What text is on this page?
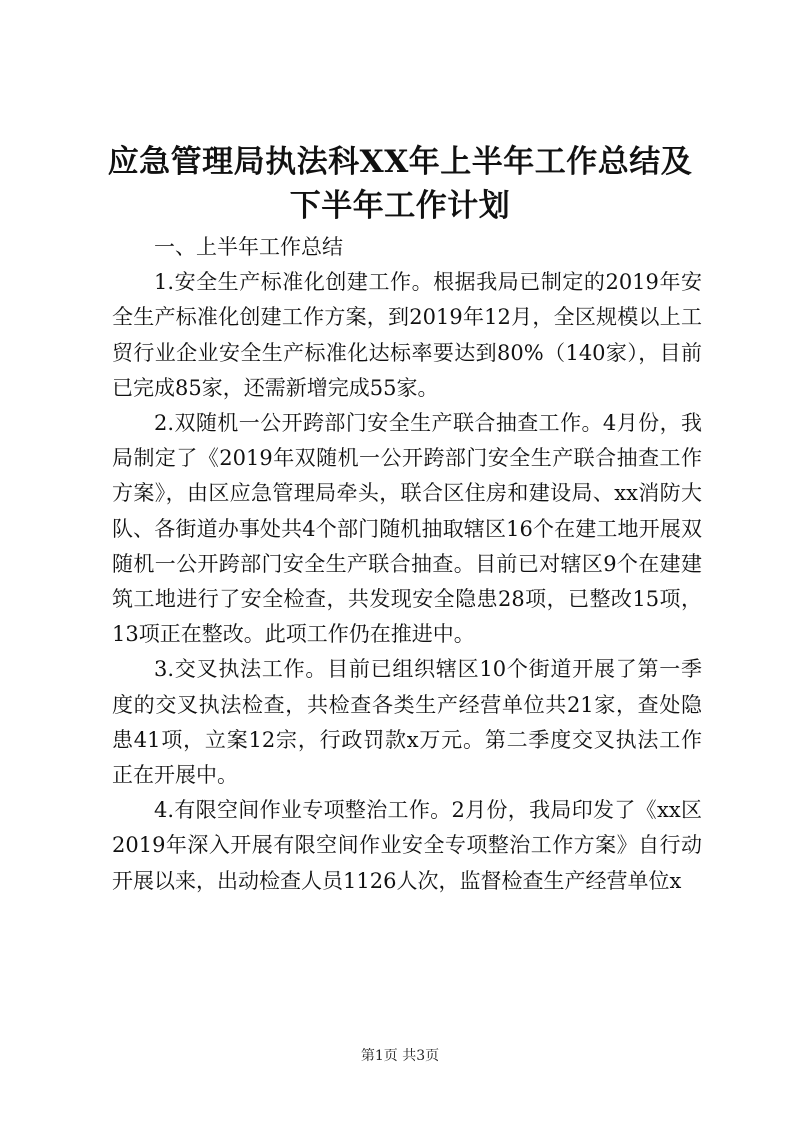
应急管理局执法科XX年上半年工作总结及下半年工作计划

一、上半年工作总结

1.安全生产标准化创建工作。根据我局已制定的2019年安全生产标准化创建工作方案，到2019年12月，全区规模以上工贸行业企业安全生产标准化达标率要达到80%（140家），目前已完成85家，还需新增完成55家。

2.双随机一公开跨部门安全生产联合抽查工作。4月份，我局制定了《2019年双随机一公开跨部门安全生产联合抽查工作方案》，由区应急管理局牵头，联合区住房和建设局、xx消防大队、各街道办事处共4个部门随机抽取辖区16个在建工地开展双随机一公开跨部门安全生产联合抽查。目前已对辖区9个在建建筑工地进行了安全检查，共发现安全隐患28项，已整改15项，13项正在整改。此项工作仍在推进中。

3.交叉执法工作。目前已组织辖区10个街道开展了第一季度的交叉执法检查，共检查各类生产经营单位共21家，查处隐患41项，立案12宗，行政罚款x万元。第二季度交叉执法工作正在开展中。

4.有限空间作业专项整治工作。2月份，我局印发了《xx区2019年深入开展有限空间作业安全专项整治工作方案》自行动开展以来，出动检查人员1126人次，监督检查生产经营单位x

第1页 共3页
